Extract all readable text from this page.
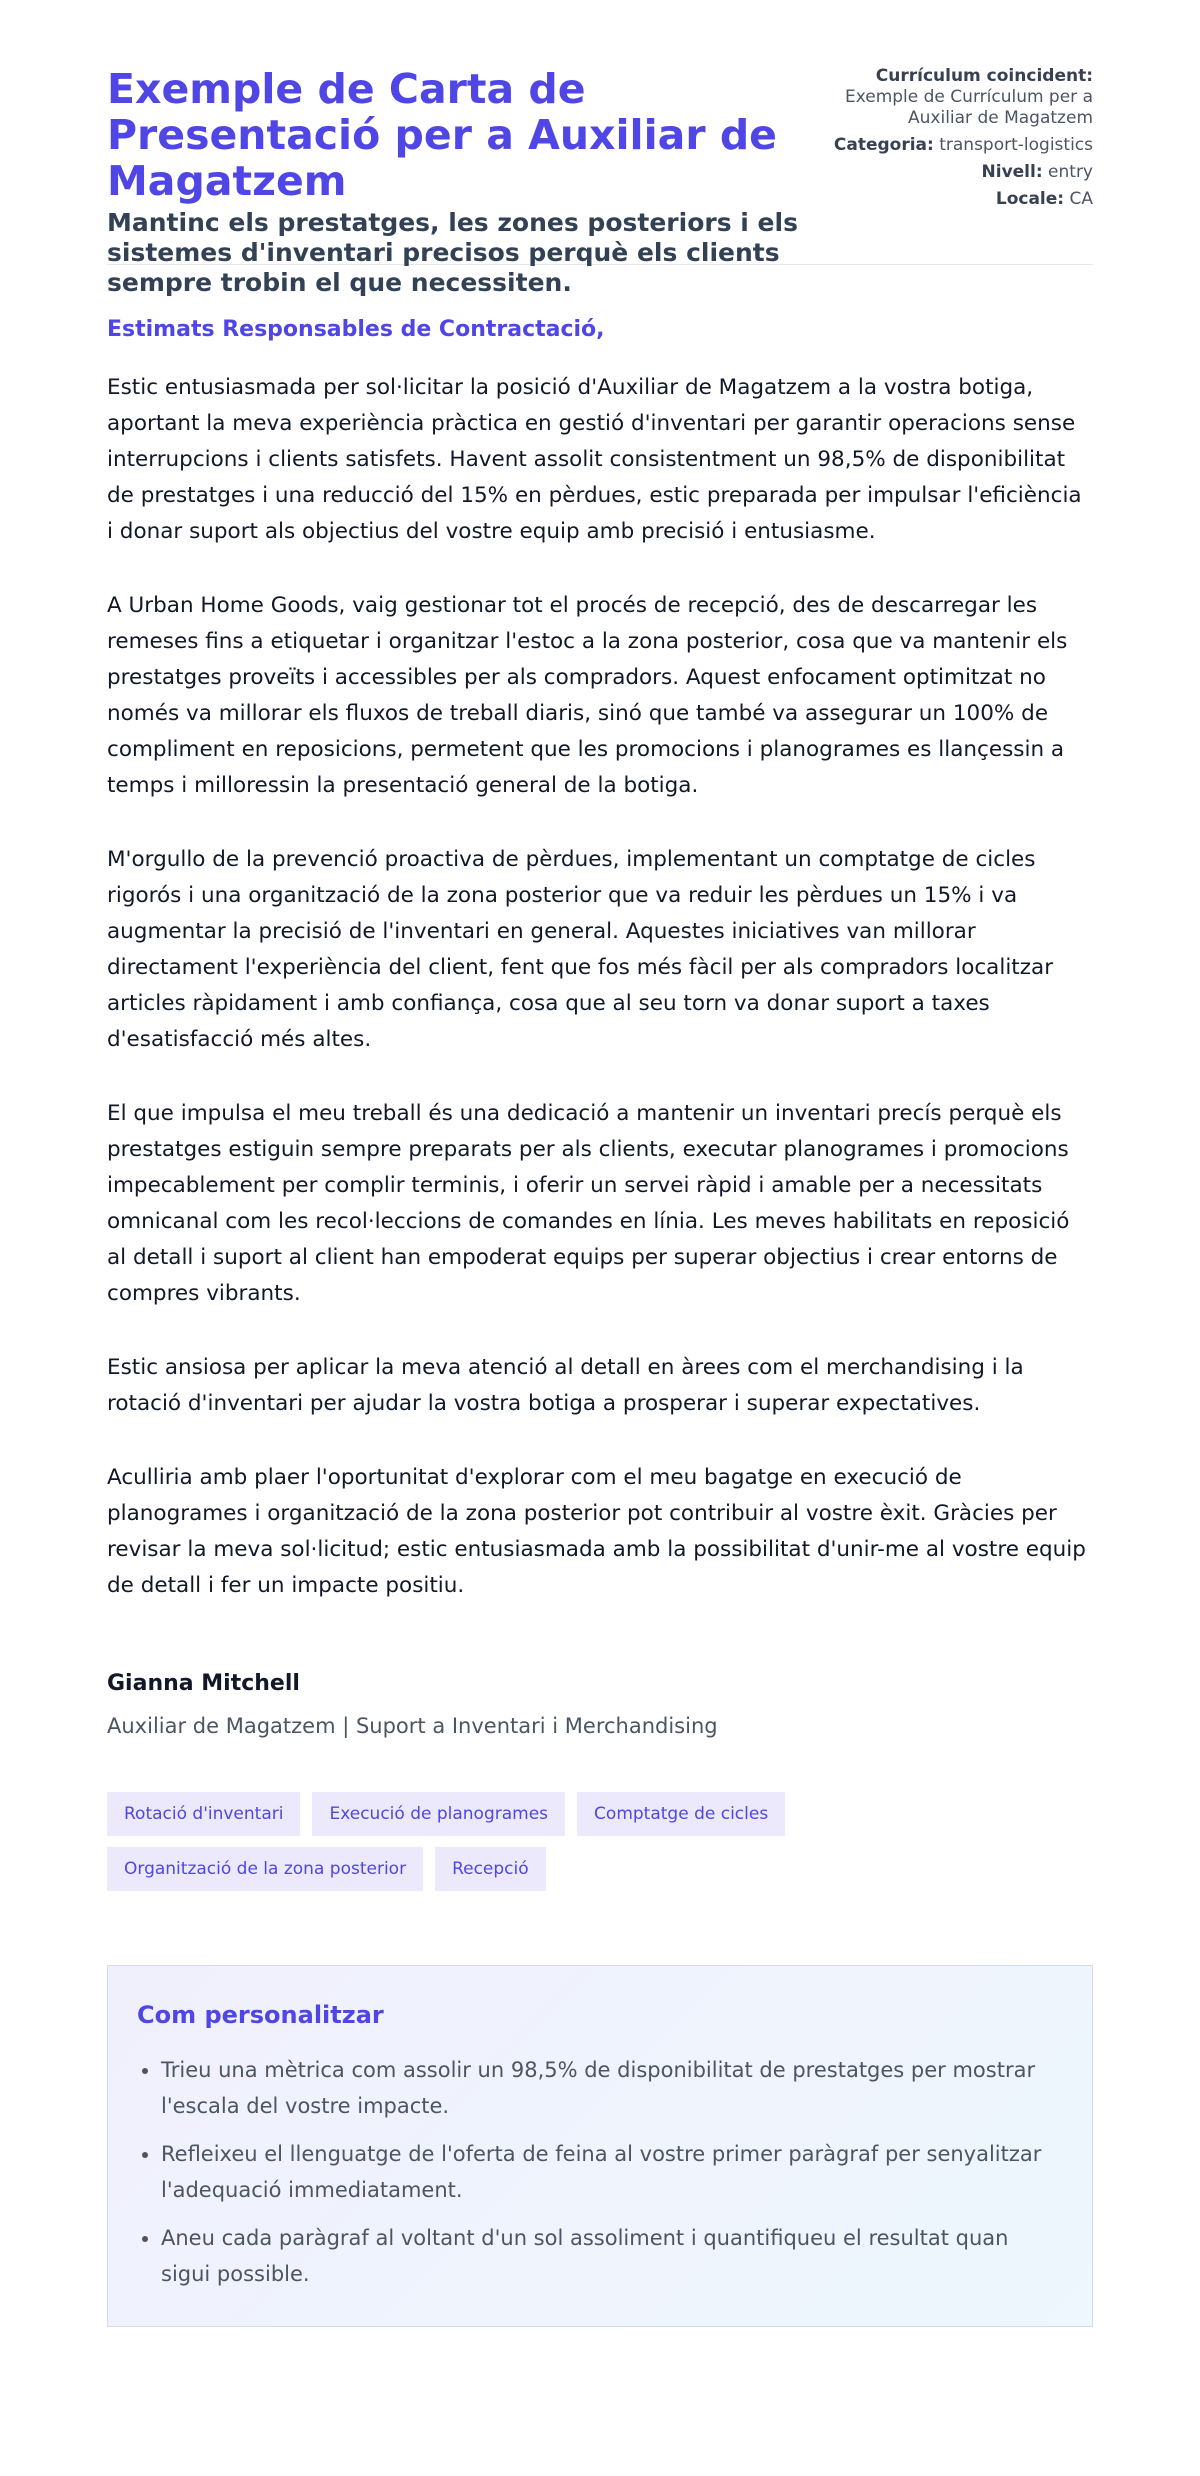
Exemple de Carta de Presentació per a Auxiliar de Magatzem
Mantinc els prestatges, les zones posteriors i els sistemes d'inventari precisos perquè els clients sempre trobin el que necessiten.
Currículum coincident: Exemple de Currículum per a Auxiliar de Magatzem
Categoria: transport-logistics
Nivell: entry
Locale: CA
Estimats Responsables de Contractació,

Estic entusiasmada per sol·licitar la posició d'Auxiliar de Magatzem a la vostra botiga, aportant la meva experiència pràctica en gestió d'inventari per garantir operacions sense interrupcions i clients satisfets. Havent assolit consistentment un 98,5% de disponibilitat de prestatges i una reducció del 15% en pèrdues, estic preparada per impulsar l'eficiència i donar suport als objectius del vostre equip amb precisió i entusiasme.

A Urban Home Goods, vaig gestionar tot el procés de recepció, des de descarregar les remeses fins a etiquetar i organitzar l'estoc a la zona posterior, cosa que va mantenir els prestatges proveïts i accessibles per als compradors. Aquest enfocament optimitzat no només va millorar els fluxos de treball diaris, sinó que també va assegurar un 100% de compliment en reposicions, permetent que les promocions i planogrames es llançessin a temps i milloressin la presentació general de la botiga.

M'orgullo de la prevenció proactiva de pèrdues, implementant un comptatge de cicles rigorós i una organització de la zona posterior que va reduir les pèrdues un 15% i va augmentar la precisió de l'inventari en general. Aquestes iniciatives van millorar directament l'experiència del client, fent que fos més fàcil per als compradors localitzar articles ràpidament i amb confiança, cosa que al seu torn va donar suport a taxes d'esatisfacció més altes.

El que impulsa el meu treball és una dedicació a mantenir un inventari precís perquè els prestatges estiguin sempre preparats per als clients, executar planogrames i promocions impecablement per complir terminis, i oferir un servei ràpid i amable per a necessitats omnicanal com les recol·leccions de comandes en línia. Les meves habilitats en reposició al detall i suport al client han empoderat equips per superar objectius i crear entorns de compres vibrants.

Estic ansiosa per aplicar la meva atenció al detall en àrees com el merchandising i la rotació d'inventari per ajudar la vostra botiga a prosperar i superar expectatives.

Aculliria amb plaer l'oportunitat d'explorar com el meu bagatge en execució de planogrames i organització de la zona posterior pot contribuir al vostre èxit. Gràcies per revisar la meva sol·licitud; estic entusiasmada amb la possibilitat d'unir-me al vostre equip de detall i fer un impacte positiu.

Gianna Mitchell
Auxiliar de Magatzem | Suport a Inventari i Merchandising
Rotació d'inventari	Execució de planogrames	Comptatge de cicles
Organització de la zona posterior	Recepció
Com personalitzar
• Trieu una mètrica com assolir un 98,5% de disponibilitat de prestatges per mostrar l'escala del vostre impacte.
• Refleixeu el llenguatge de l'oferta de feina al vostre primer paràgraf per senyalitzar l'adequació immediatament.
• Aneu cada paràgraf al voltant d'un sol assoliment i quantifiqueu el resultat quan sigui possible.
